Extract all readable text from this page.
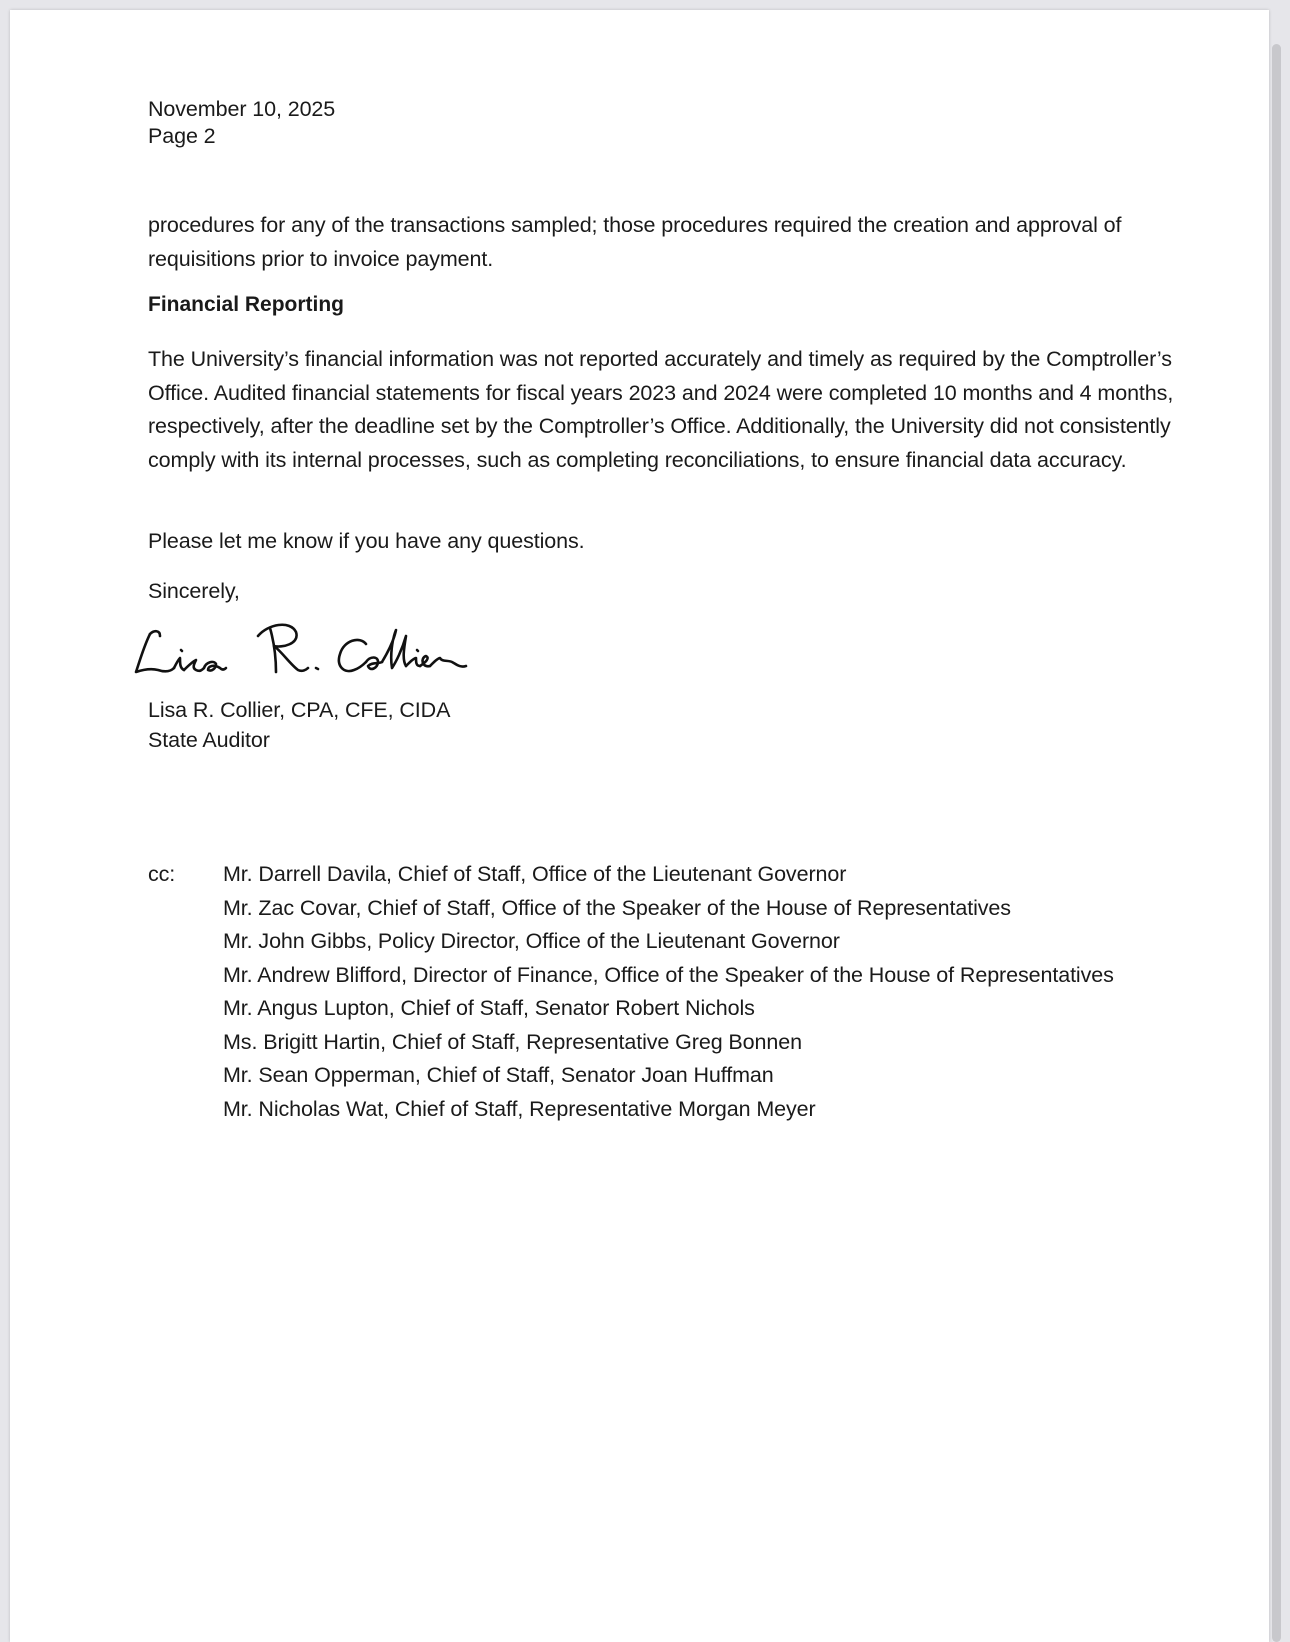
November 10, 2025
Page 2
procedures for any of the transactions sampled; those procedures required the creation and approval of requisitions prior to invoice payment.
Financial Reporting
The University’s financial information was not reported accurately and timely as required by the Comptroller’s Office. Audited financial statements for fiscal years 2023 and 2024 were completed 10 months and 4 months, respectively, after the deadline set by the Comptroller’s Office. Additionally, the University did not consistently comply with its internal processes, such as completing reconciliations, to ensure financial data accuracy.
Please let me know if you have any questions.
Sincerely,
Lisa R. Collier, CPA, CFE, CIDA
State Auditor
cc: Mr. Darrell Davila, Chief of Staff, Office of the Lieutenant Governor
Mr. Zac Covar, Chief of Staff, Office of the Speaker of the House of Representatives
Mr. John Gibbs, Policy Director, Office of the Lieutenant Governor
Mr. Andrew Blifford, Director of Finance, Office of the Speaker of the House of Representatives
Mr. Angus Lupton, Chief of Staff, Senator Robert Nichols
Ms. Brigitt Hartin, Chief of Staff, Representative Greg Bonnen
Mr. Sean Opperman, Chief of Staff, Senator Joan Huffman
Mr. Nicholas Wat, Chief of Staff, Representative Morgan Meyer
